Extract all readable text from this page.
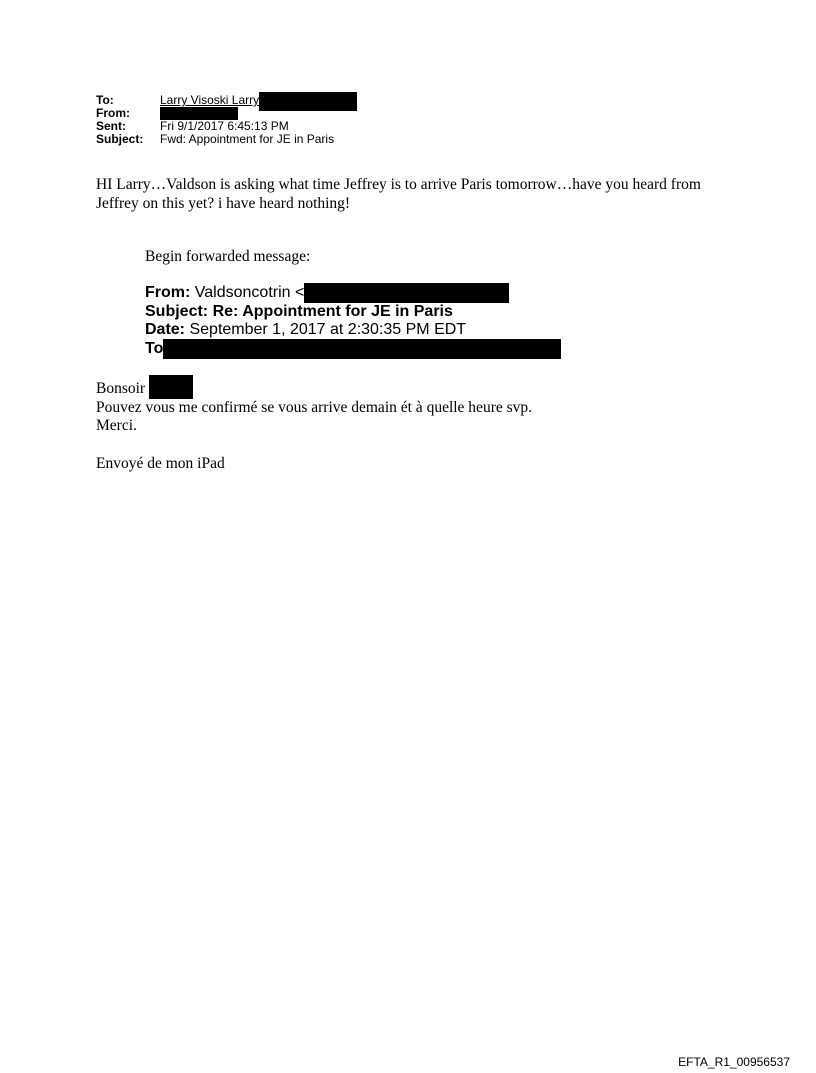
To:	Larry Visoski Larry
From:
Sent:	Fri 9/1/2017 6:45:13 PM
Subject: Fwd: Appointment for JE in Paris
HI Larry…Valdson is asking what time Jeffrey is to arrive Paris tomorrow…have you heard from Jeffrey on this yet? i have heard nothing!
Begin forwarded message:
From: Valdsoncotrin <
Subject: Re: Appointment for JE in Paris
Date: September 1, 2017 at 2:30:35 PM EDT
To
Bonsoir
Pouvez vous me confirmé se vous arrive demain ét à quelle heure svp.
Merci.
Envoyé de mon iPad
EFTA_R1_00956537
